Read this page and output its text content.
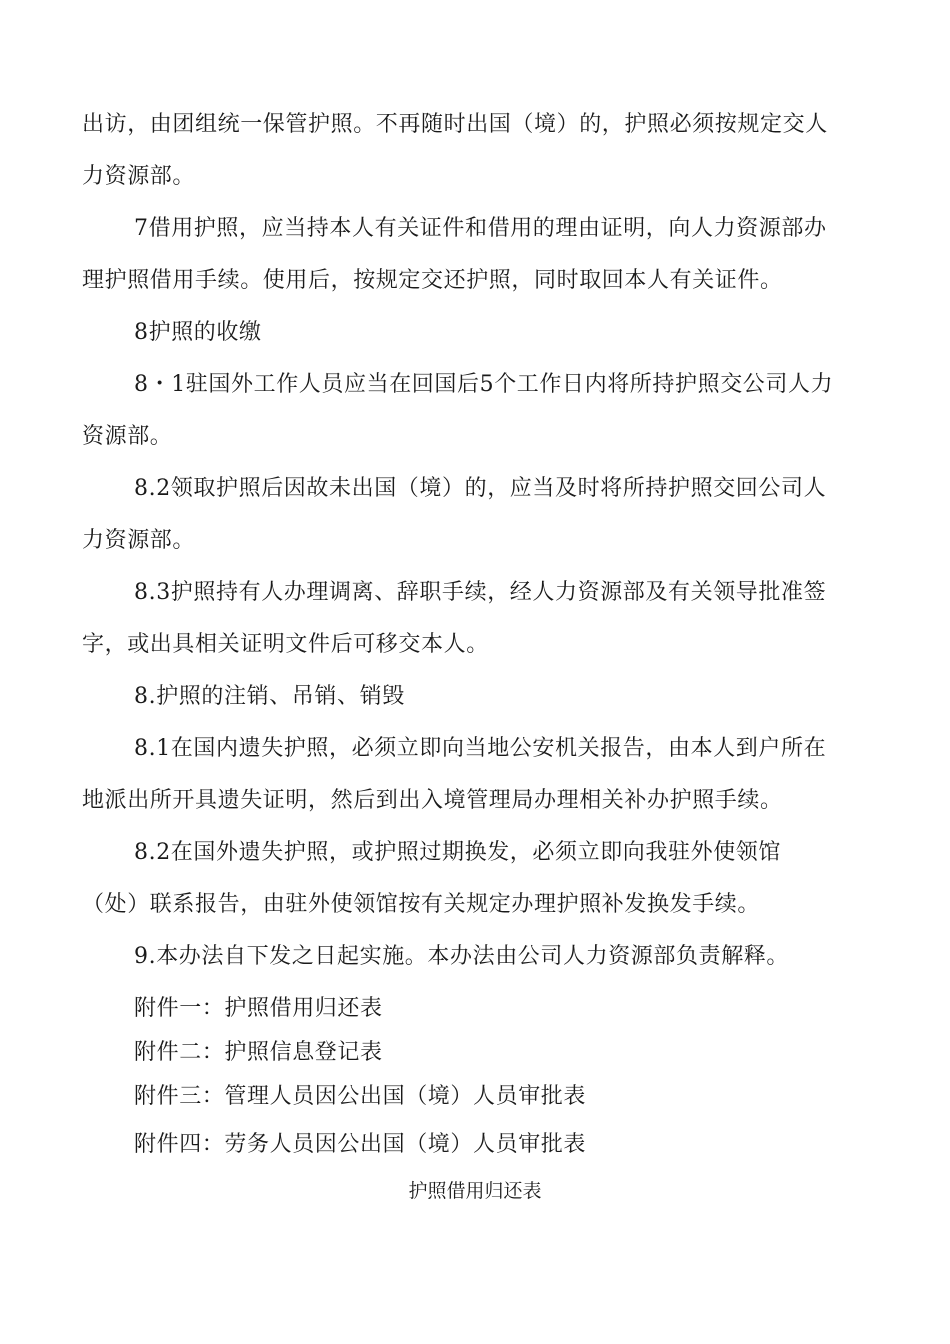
出访，由团组统一保管护照。不再随时出国（境）的，护照必须按规定交人
力资源部。
7借用护照，应当持本人有关证件和借用的理由证明，向人力资源部办
理护照借用手续。使用后，按规定交还护照，同时取回本人有关证件。
8护照的收缴
8・1驻国外工作人员应当在回国后5个工作日内将所持护照交公司人力
资源部。
8.2领取护照后因故未出国（境）的，应当及时将所持护照交回公司人
力资源部。
8.3护照持有人办理调离、辞职手续，经人力资源部及有关领导批准签
字，或出具相关证明文件后可移交本人。
8.护照的注销、吊销、销毁
8.1在国内遗失护照，必须立即向当地公安机关报告，由本人到户所在
地派出所开具遗失证明，然后到出入境管理局办理相关补办护照手续。
8.2在国外遗失护照，或护照过期换发，必须立即向我驻外使领馆
（处）联系报告，由驻外使领馆按有关规定办理护照补发换发手续。
9.本办法自下发之日起实施。本办法由公司人力资源部负责解释。
附件一：护照借用归还表
附件二：护照信息登记表
附件三：管理人员因公出国（境）人员审批表
附件四：劳务人员因公出国（境）人员审批表
护照借用归还表
